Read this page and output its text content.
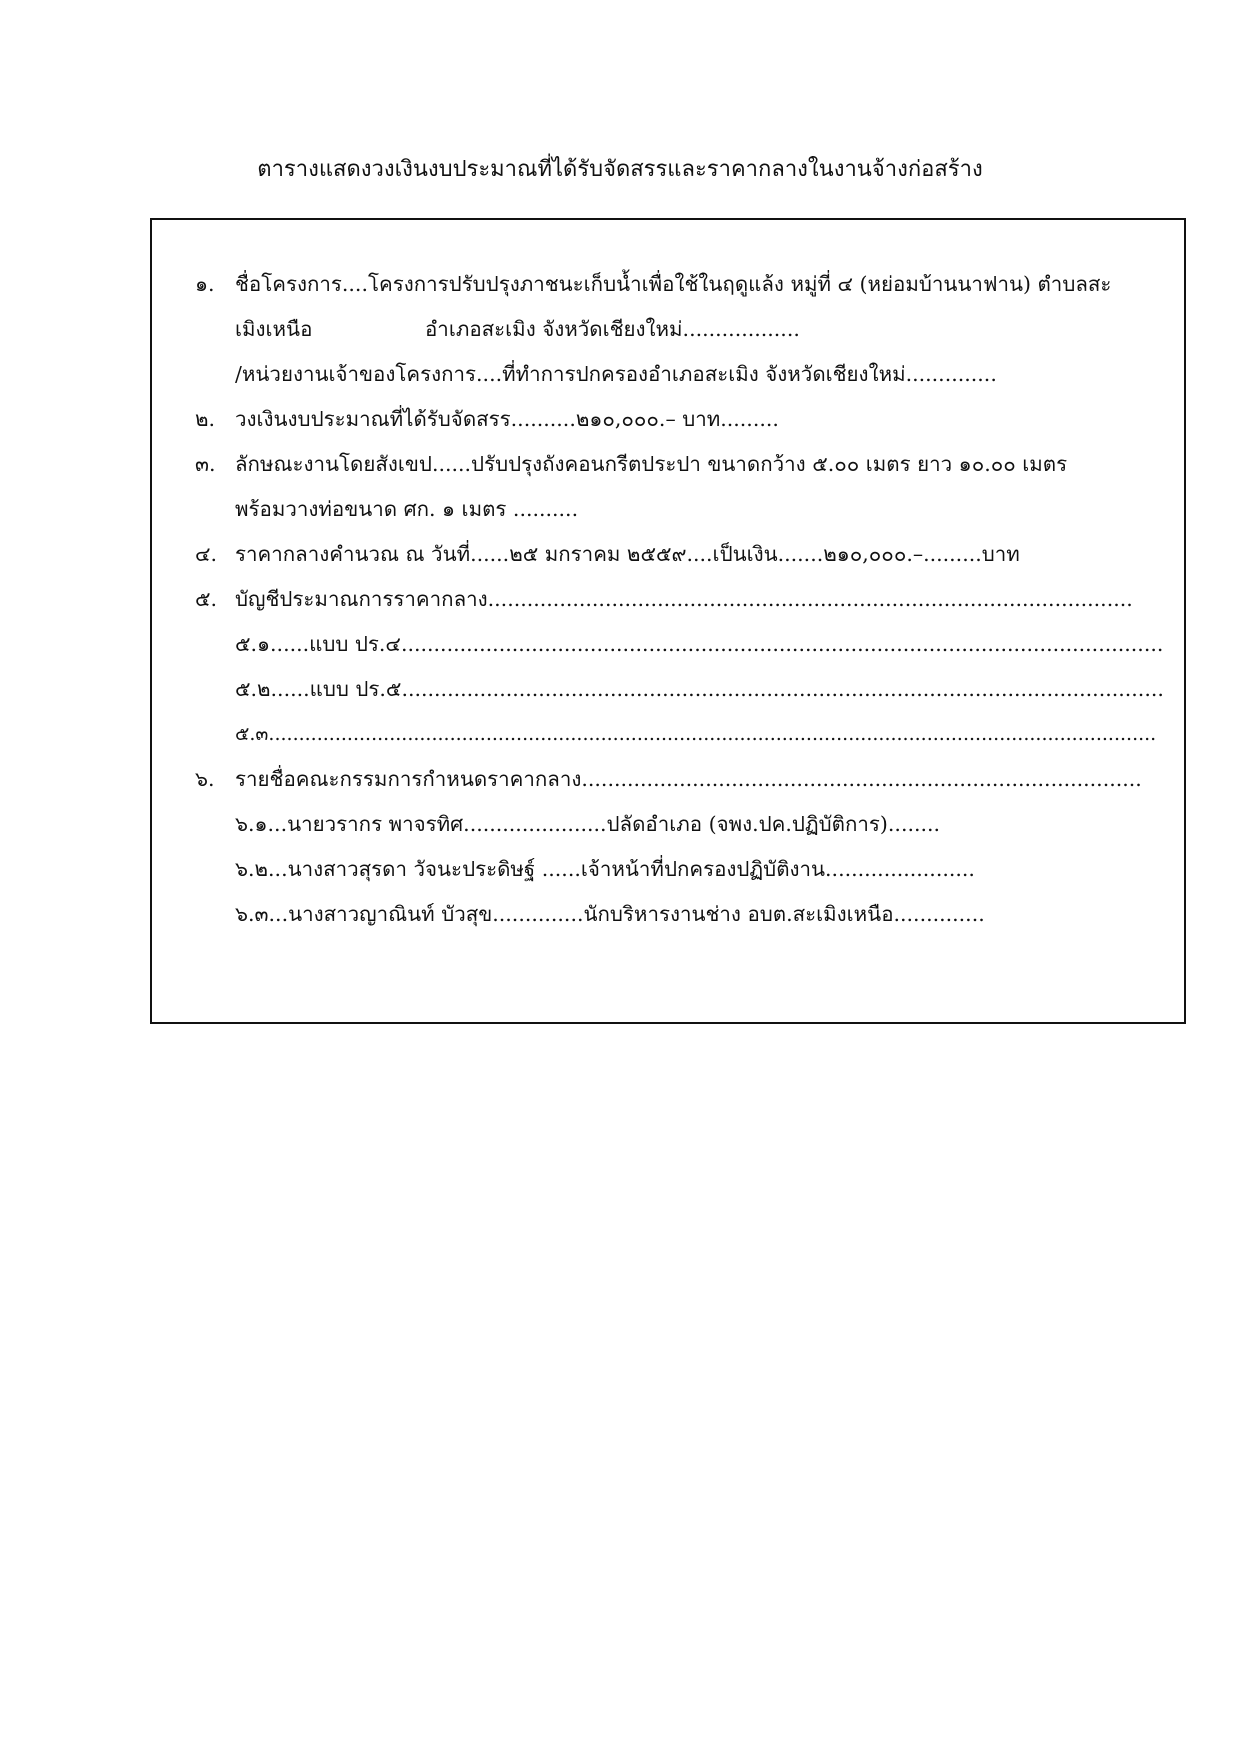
ตารางแสดงวงเงินงบประมาณที่ได้รับจัดสรรและราคากลางในงานจ้างก่อสร้าง
๑. ชื่อโครงการ....โครงการปรับปรุงภาชนะเก็บน้ำเพื่อใช้ในฤดูแล้ง หมู่ที่ ๔ (หย่อมบ้านนาฟาน) ตำบลสะ
เมิงเหนือ	อำเภอสะเมิง จังหวัดเชียงใหม่..................
/หน่วยงานเจ้าของโครงการ....ที่ทำการปกครองอำเภอสะเมิง จังหวัดเชียงใหม่..............
๒. วงเงินงบประมาณที่ได้รับจัดสรร..........๒๑๐,๐๐๐.– บาท.........
๓. ลักษณะงานโดยสังเขป......ปรับปรุงถังคอนกรีตประปา ขนาดกว้าง ๕.๐๐ เมตร ยาว ๑๐.๐๐ เมตร
พร้อมวางท่อขนาด ศก. ๑ เมตร ..........
๔. ราคากลางคำนวณ ณ วันที่......๒๕ มกราคม ๒๕๕๙....เป็นเงิน.......๒๑๐,๐๐๐.–.........บาท
๕. บัญชีประมาณการราคากลาง...................................................................................................
๕.๑......แบบ ปร.๔.....................................................................................................................
๕.๒......แบบ ปร.๕.....................................................................................................................
๕.๓...................................................................................................................................................
๖. รายชื่อคณะกรรมการกำหนดราคากลาง......................................................................................
๖.๑...นายวรากร พาจรทิศ......................ปลัดอำเภอ (จพง.ปค.ปฏิบัติการ)........
๖.๒...นางสาวสุรดา วัจนะประดิษฐ์ ......เจ้าหน้าที่ปกครองปฏิบัติงาน.......................
๖.๓...นางสาวญาณินท์ บัวสุข..............นักบริหารงานช่าง อบต.สะเมิงเหนือ..............
